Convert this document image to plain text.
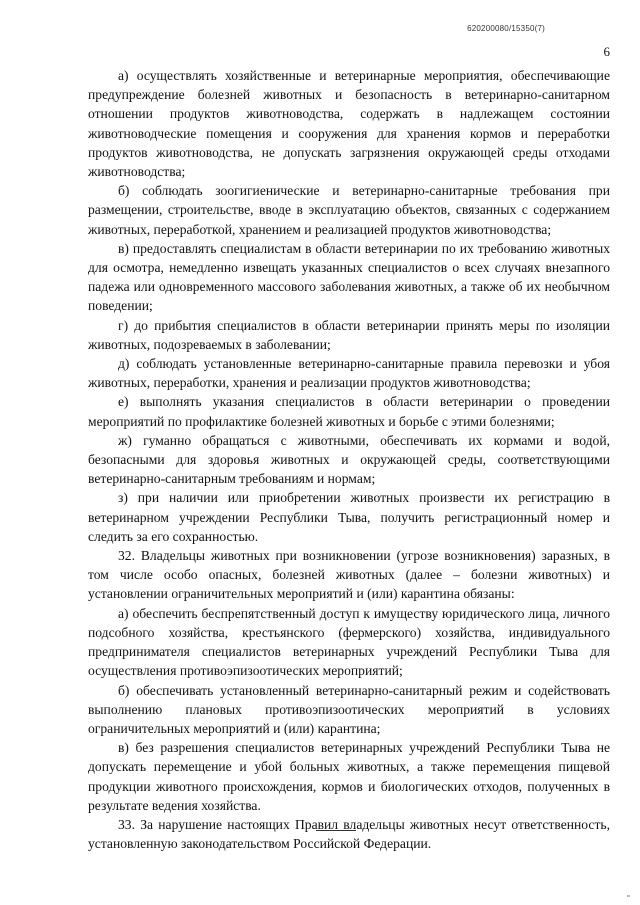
620200080/15350(7)
6

а) осуществлять хозяйственные и ветеринарные мероприятия, обеспечивающие предупреждение болезней животных и безопасность в ветеринарно-санитарном отношении продуктов животноводства, содержать в надлежащем состоянии животноводческие помещения и сооружения для хранения кормов и переработки продуктов животноводства, не допускать загрязнения окружающей среды отходами животноводства;

б) соблюдать зоогигиенические и ветеринарно-санитарные требования при размещении, строительстве, вводе в эксплуатацию объектов, связанных с содержанием животных, переработкой, хранением и реализацией продуктов животноводства;

в) предоставлять специалистам в области ветеринарии по их требованию животных для осмотра, немедленно извещать указанных специалистов о всех случаях внезапного падежа или одновременного массового заболевания животных, а также об их необычном поведении;

г) до прибытия специалистов в области ветеринарии принять меры по изоляции животных, подозреваемых в заболевании;

д) соблюдать установленные ветеринарно-санитарные правила перевозки и убоя животных, переработки, хранения и реализации продуктов животноводства;

е) выполнять указания специалистов в области ветеринарии о проведении мероприятий по профилактике болезней животных и борьбе с этими болезнями;

ж) гуманно обращаться с животными, обеспечивать их кормами и водой, безопасными для здоровья животных и окружающей среды, соответствующими ветеринарно-санитарным требованиям и нормам;

з) при наличии или приобретении животных произвести их регистрацию в ветеринарном учреждении Республики Тыва, получить регистрационный номер и следить за его сохранностью.

32. Владельцы животных при возникновении (угрозе возникновения) заразных, в том числе особо опасных, болезней животных (далее – болезни животных) и установлении ограничительных мероприятий и (или) карантина обязаны:

а) обеспечить беспрепятственный доступ к имуществу юридического лица, личного подсобного хозяйства, крестьянского (фермерского) хозяйства, индивидуального предпринимателя специалистов ветеринарных учреждений Республики Тыва для осуществления противоэпизоотических мероприятий;

б) обеспечивать установленный ветеринарно-санитарный режим и содействовать выполнению плановых противоэпизоотических мероприятий в условиях ограничительных мероприятий и (или) карантина;

в) без разрешения специалистов ветеринарных учреждений Республики Тыва не допускать перемещение и убой больных животных, а также перемещения пищевой продукции животного происхождения, кормов и биологических отходов, полученных в результате ведения хозяйства.

33. За нарушение настоящих Правил владельцы животных несут ответственность, установленную законодательством Российской Федерации.
